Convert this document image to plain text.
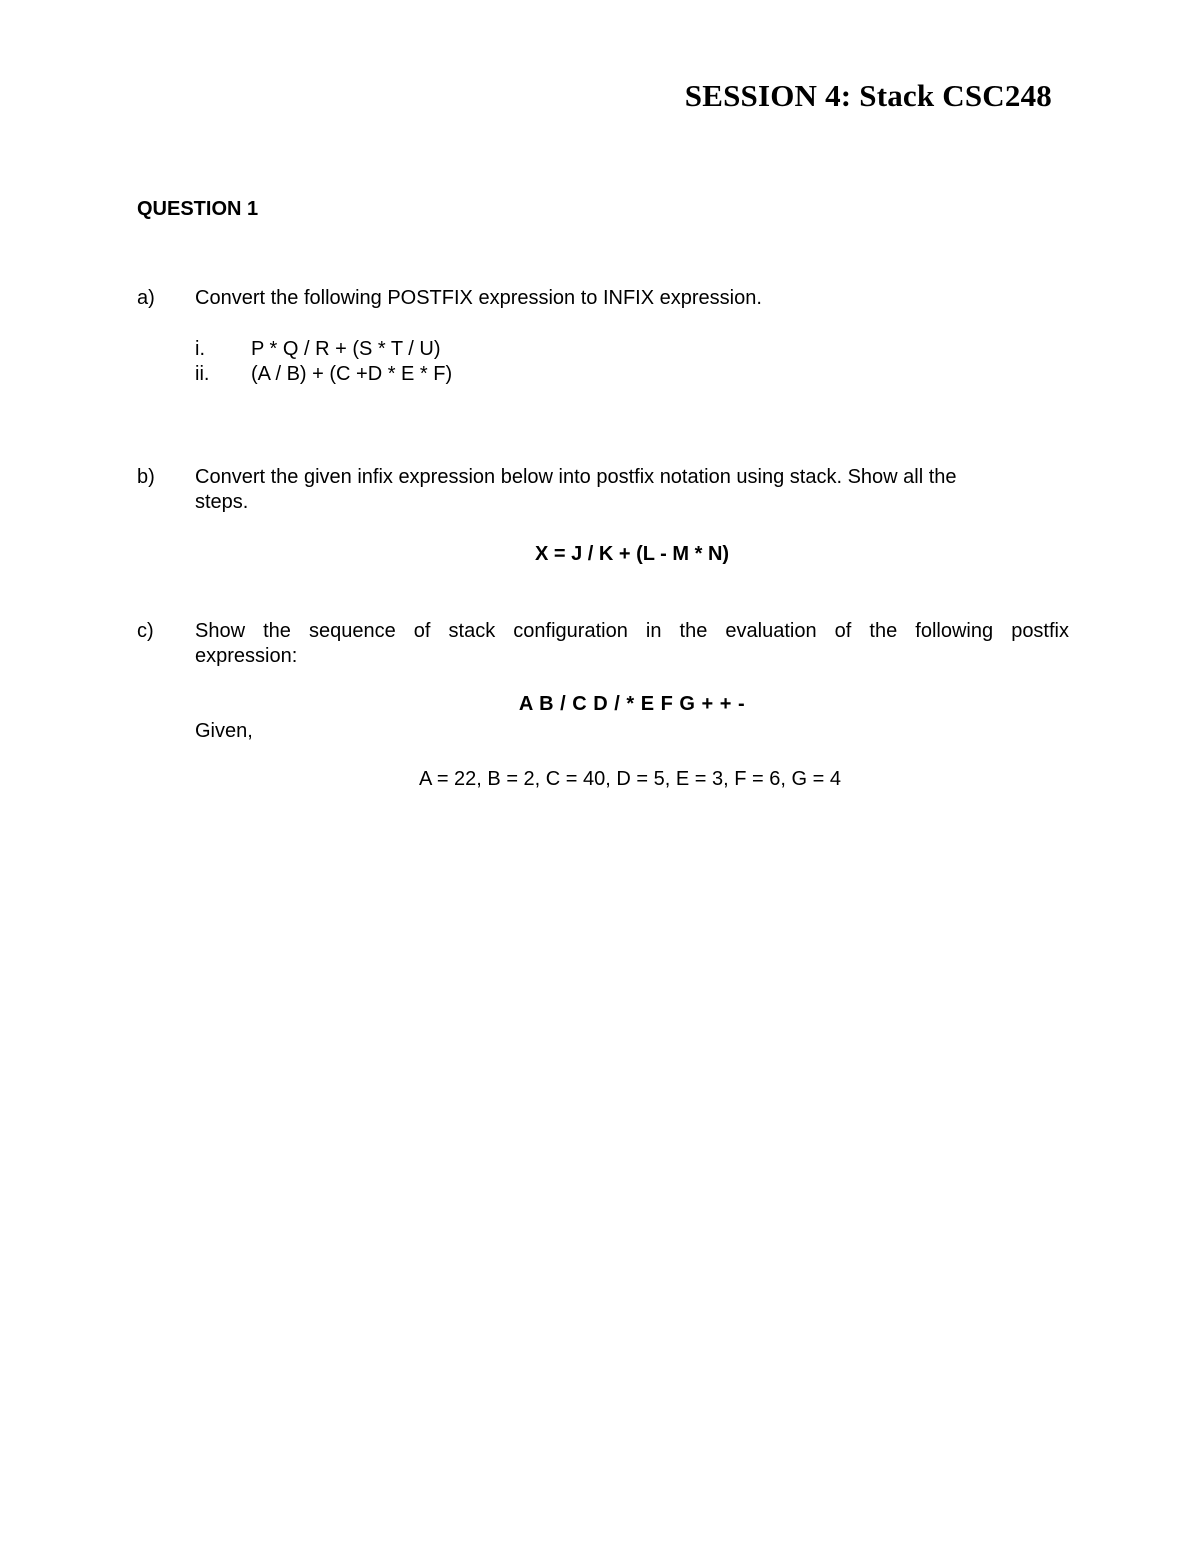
SESSION 4: Stack CSC248
QUESTION 1
a) Convert the following POSTFIX expression to INFIX expression.
i. P * Q / R + (S * T / U)
ii. (A / B) + (C +D * E * F)
b) Convert the given infix expression below into postfix notation using stack. Show all the
steps.
X = J / K + (L - M * N)
c) Show the sequence of stack configuration in the evaluation of the following postfix
expression:
A B / C D / * E F G + + -
Given,
A = 22, B = 2, C = 40, D = 5, E = 3, F = 6, G = 4
